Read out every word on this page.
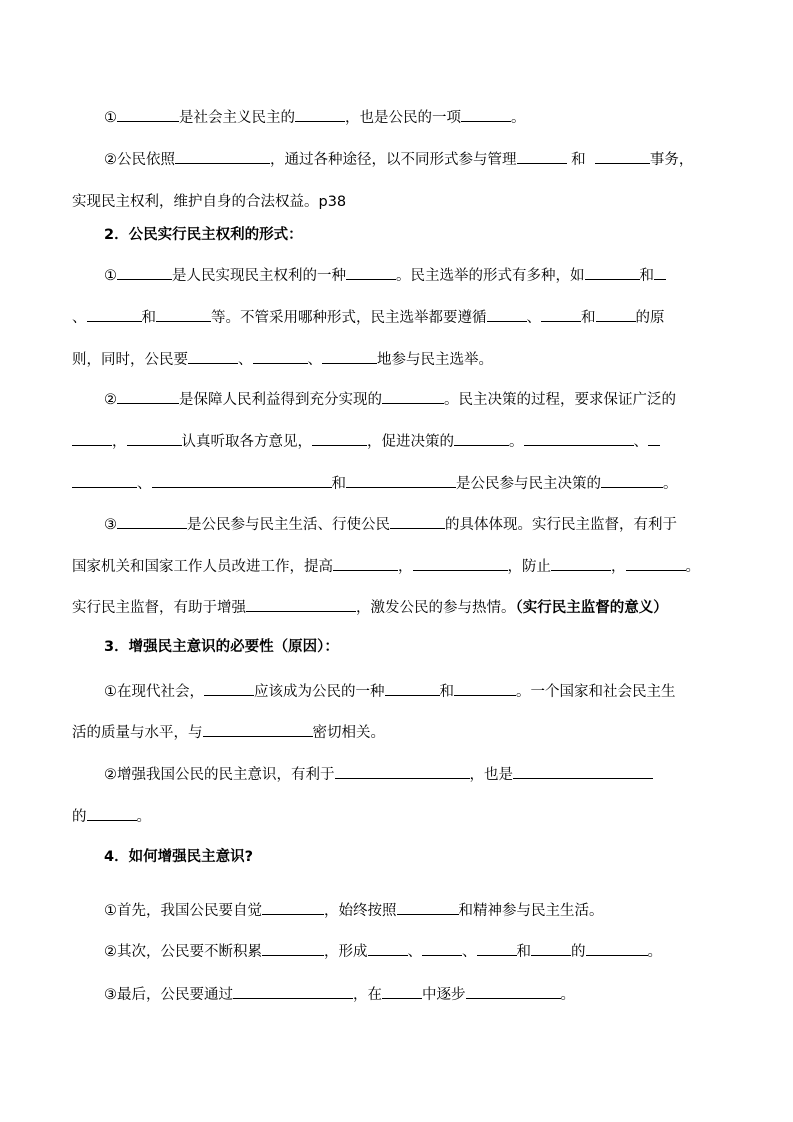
①	是社会主义民主的	，也是公民的一项	。
②公民依照	，通过各种途径，以不同形式参与管理	和	事务，
实现民主权利，维护自身的合法权益。p38
2．公民实行民主权利的形式：
①	是人民实现民主权利的一种	。民主选举的形式有多种，如	和
、	和	等。不管采用哪种形式，民主选举都要遵循	、	和	的原
则，同时，公民要	、	、	地参与民主选举。
②	是保障人民利益得到充分实现的	。民主决策的过程，要求保证广泛的
，	认真听取各方意见，	，促进决策的	。	、
、	和	是公民参与民主决策的	。
③	是公民参与民主生活、行使公民	的具体体现。实行民主监督，有利于
国家机关和国家工作人员改进工作，提高	，	，防止	，	。
实行民主监督，有助于增强	，激发公民的参与热情。（实行民主监督的意义）
3．增强民主意识的必要性（原因）：
①在现代社会，	应该成为公民的一种	和	。一个国家和社会民主生
活的质量与水平，与	密切相关。
②增强我国公民的民主意识，有利于	，也是
的	。
4．如何增强民主意识?
①首先，我国公民要自觉	，始终按照	和精神参与民主生活。
②其次，公民要不断积累	，形成	、	、	和	的	。
③最后，公民要通过	，在	中逐步	。
